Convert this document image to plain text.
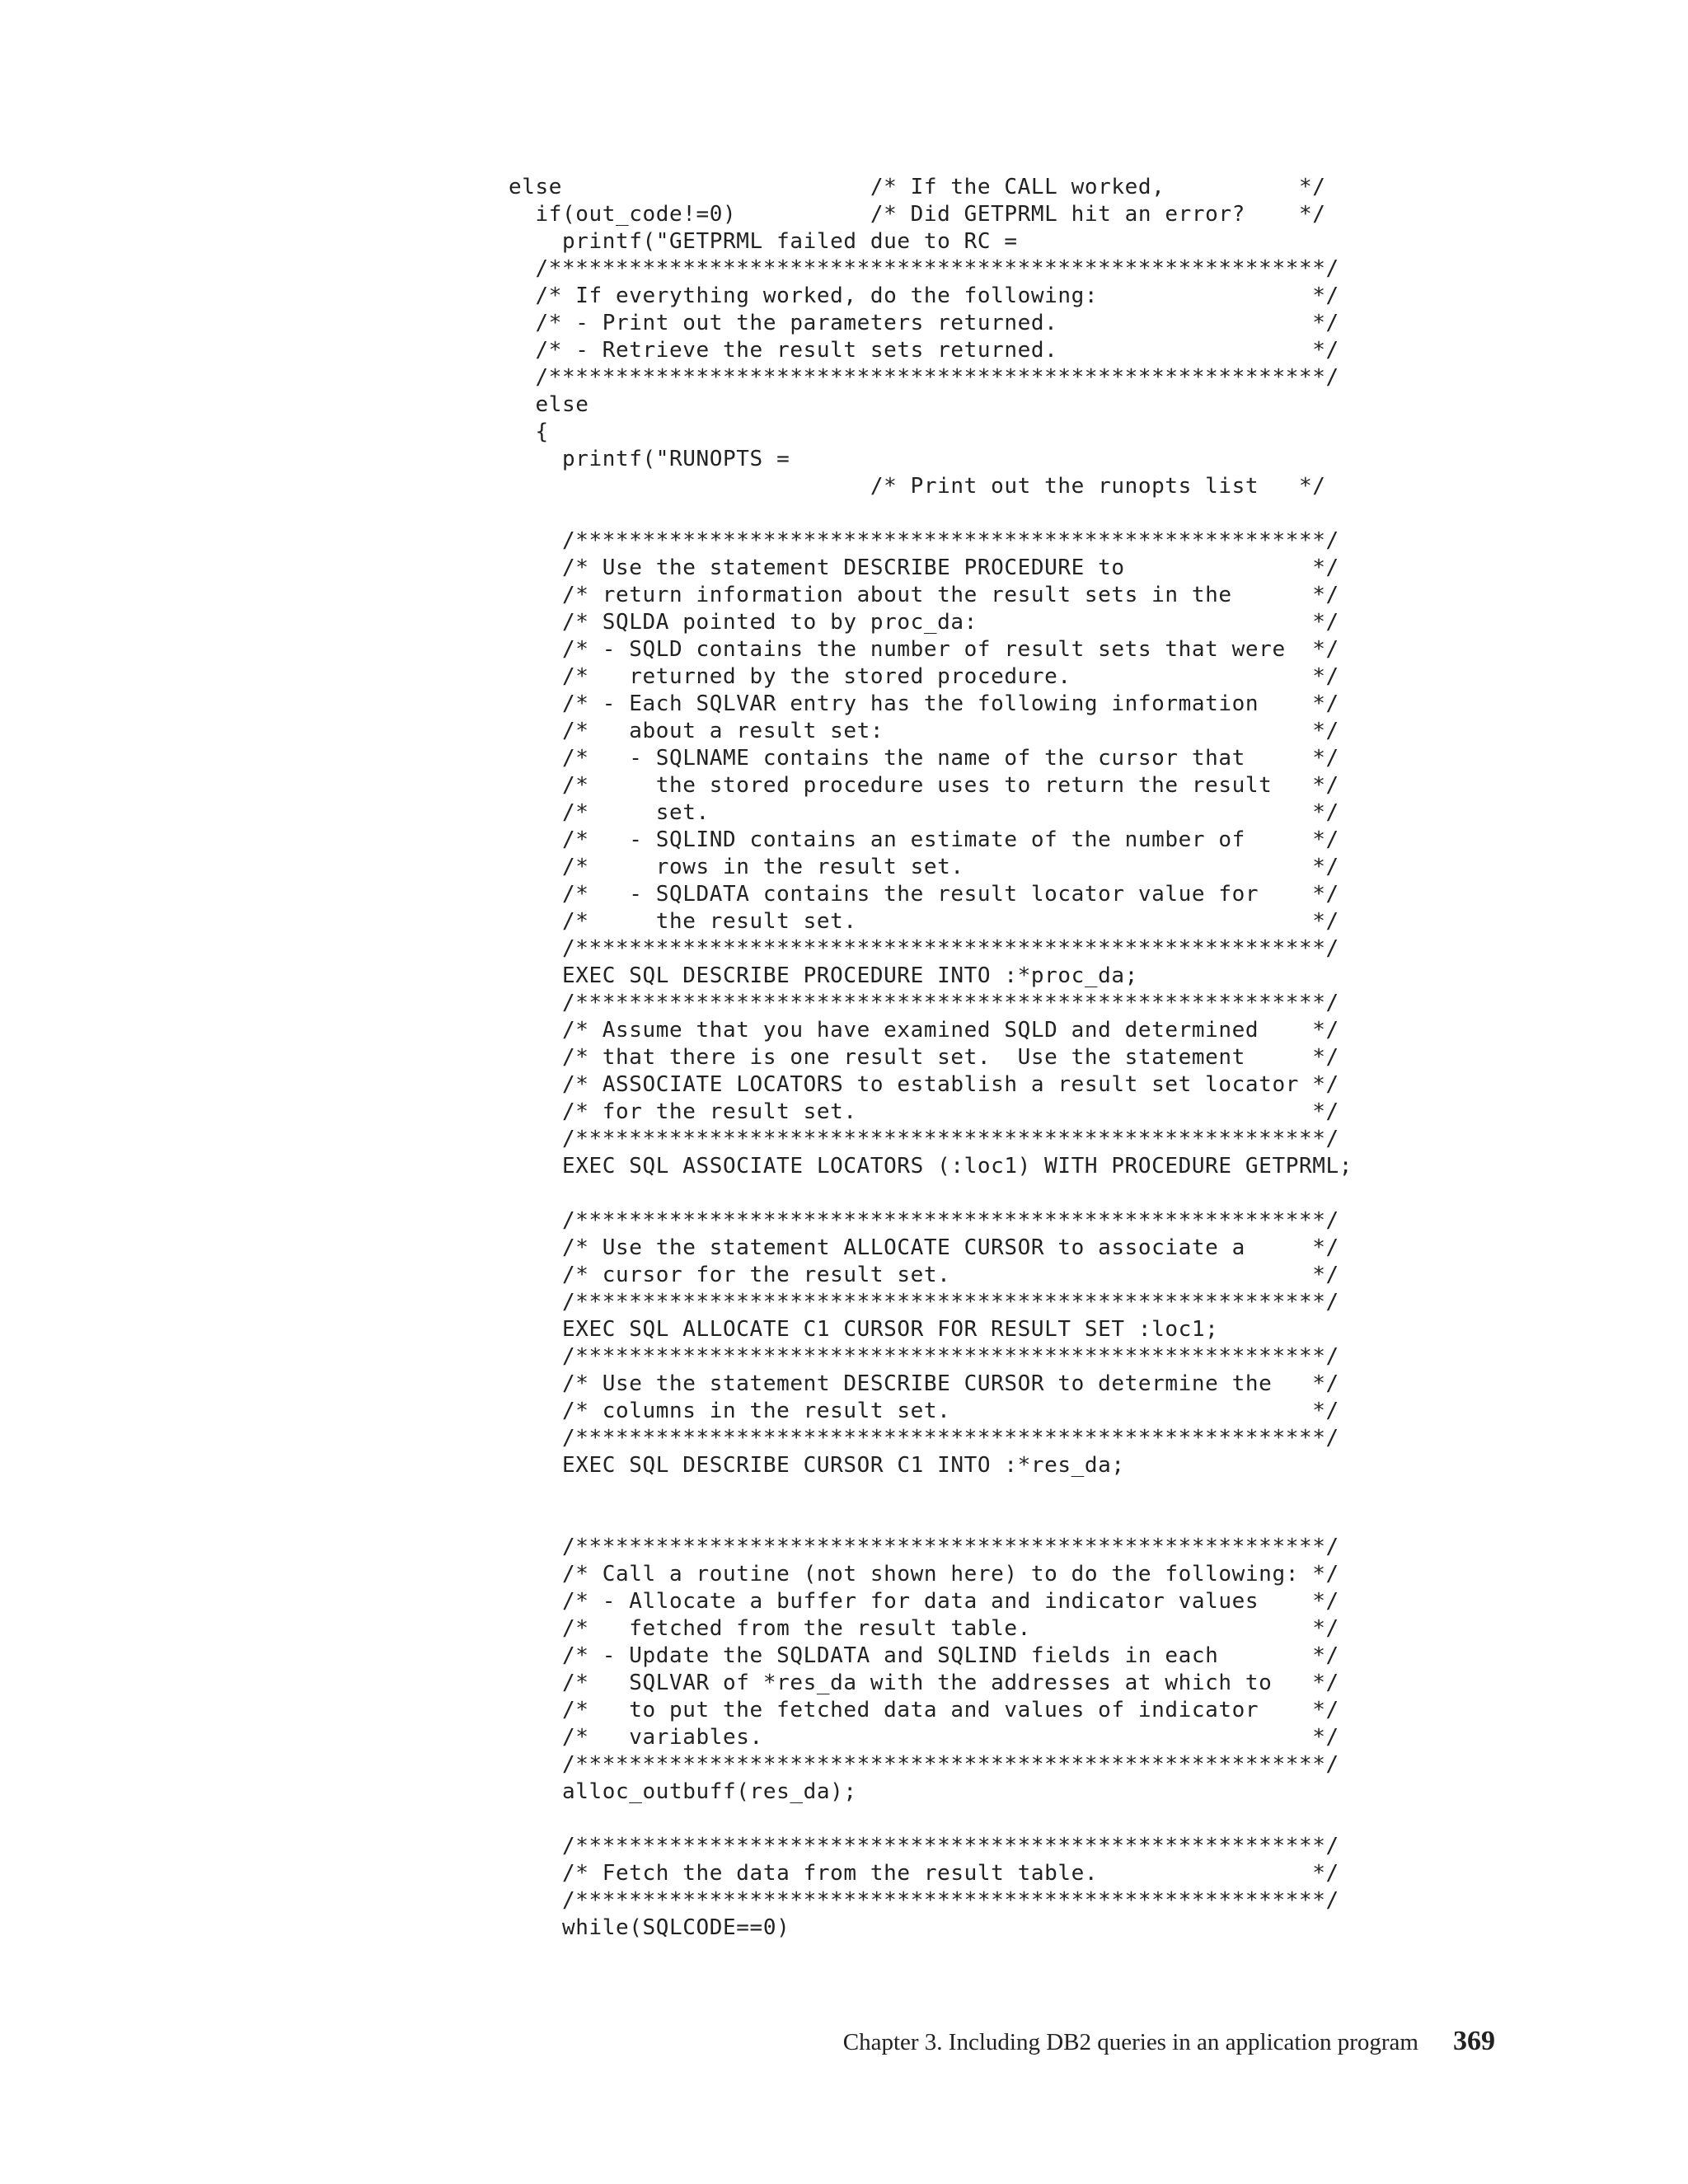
else                       /* If the CALL worked,          */
if(out_code!=0)          /* Did GETPRML hit an error?    */
printf("GETPRML failed due to RC =
/**********************************************************/
/* If everything worked, do the following:                */
/* - Print out the parameters returned.                   */
/* - Retrieve the result sets returned.                   */
/**********************************************************/
else
{
printf("RUNOPTS =
/* Print out the runopts list   */
/********************************************************/
/* Use the statement DESCRIBE PROCEDURE to              */
/* return information about the result sets in the      */
/* SQLDA pointed to by proc_da:                         */
/* - SQLD contains the number of result sets that were  */
/*   returned by the stored procedure.                  */
/* - Each SQLVAR entry has the following information    */
/*   about a result set:                                */
/*   - SQLNAME contains the name of the cursor that     */
/*     the stored procedure uses to return the result   */
/*     set.                                             */
/*   - SQLIND contains an estimate of the number of     */
/*     rows in the result set.                          */
/*   - SQLDATA contains the result locator value for    */
/*     the result set.                                  */
/********************************************************/
EXEC SQL DESCRIBE PROCEDURE INTO :*proc_da;
/********************************************************/
/* Assume that you have examined SQLD and determined    */
/* that there is one result set.  Use the statement     */
/* ASSOCIATE LOCATORS to establish a result set locator */
/* for the result set.                                  */
/********************************************************/
EXEC SQL ASSOCIATE LOCATORS (:loc1) WITH PROCEDURE GETPRML;
/********************************************************/
/* Use the statement ALLOCATE CURSOR to associate a     */
/* cursor for the result set.                           */
/********************************************************/
EXEC SQL ALLOCATE C1 CURSOR FOR RESULT SET :loc1;
/********************************************************/
/* Use the statement DESCRIBE CURSOR to determine the   */
/* columns in the result set.                           */
/********************************************************/
EXEC SQL DESCRIBE CURSOR C1 INTO :*res_da;
/********************************************************/
/* Call a routine (not shown here) to do the following: */
/* - Allocate a buffer for data and indicator values    */
/*   fetched from the result table.                     */
/* - Update the SQLDATA and SQLIND fields in each       */
/*   SQLVAR of *res_da with the addresses at which to   */
/*   to put the fetched data and values of indicator    */
/*   variables.                                         */
/********************************************************/
alloc_outbuff(res_da);
/********************************************************/
/* Fetch the data from the result table.                */
/********************************************************/
while(SQLCODE==0)
Chapter 3. Including DB2 queries in an application program 369
